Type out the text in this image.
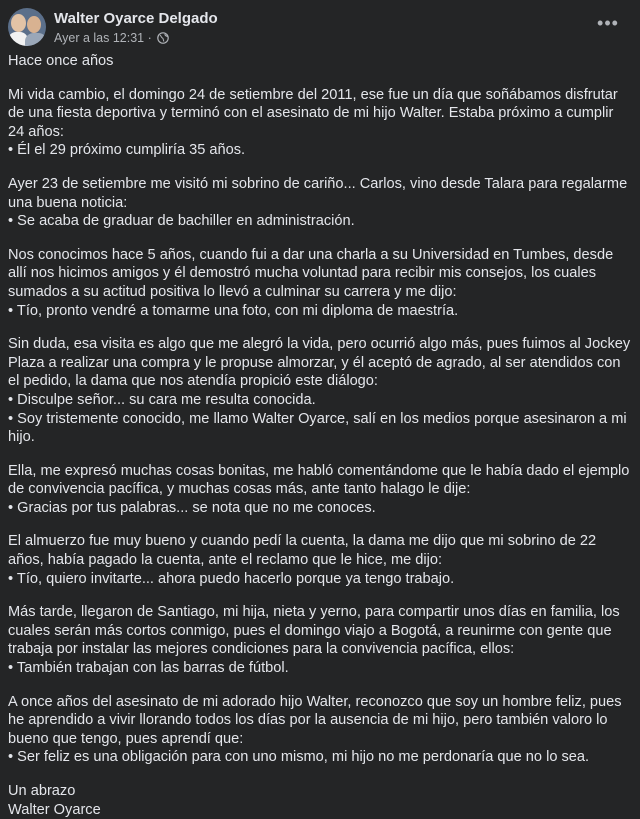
Walter Oyarce Delgado
Ayer a las 12:31 ·
•••

Hace once años

Mi vida cambio, el domingo 24 de setiembre del 2011, ese fue un día que soñábamos disfrutar de una fiesta deportiva y terminó con el asesinato de mi hijo Walter. Estaba próximo a cumplir 24 años:
• Él el 29 próximo cumpliría 35 años.

Ayer 23 de setiembre me visitó mi sobrino de cariño... Carlos, vino desde Talara para regalarme una buena noticia:
• Se acaba de graduar de bachiller en administración.

Nos conocimos hace 5 años, cuando fui a dar una charla a su Universidad en Tumbes, desde allí nos hicimos amigos y él demostró mucha voluntad para recibir mis consejos, los cuales sumados a su actitud positiva lo llevó a culminar su carrera y me dijo:
• Tío, pronto vendré a tomarme una foto, con mi diploma de maestría.

Sin duda, esa visita es algo que me alegró la vida, pero ocurrió algo más, pues fuimos al Jockey Plaza a realizar una compra y le propuse almorzar, y él aceptó de agrado, al ser atendidos con el pedido, la dama que nos atendía propició este diálogo:
• Disculpe señor... su cara me resulta conocida.
• Soy tristemente conocido, me llamo Walter Oyarce, salí en los medios porque asesinaron a mi hijo.

Ella, me expresó muchas cosas bonitas, me habló comentándome que le había dado el ejemplo de convivencia pacífica, y muchas cosas más, ante tanto halago le dije:
• Gracias por tus palabras... se nota que no me conoces.

El almuerzo fue muy bueno y cuando pedí la cuenta, la dama me dijo que mi sobrino de 22 años, había pagado la cuenta, ante el reclamo que le hice, me dijo:
• Tío, quiero invitarte... ahora puedo hacerlo porque ya tengo trabajo.

Más tarde, llegaron de Santiago, mi hija, nieta y yerno, para compartir unos días en familia, los cuales serán más cortos conmigo, pues el domingo viajo a Bogotá, a reunirme con gente que trabaja por instalar las mejores condiciones para la convivencia pacífica, ellos:
• También trabajan con las barras de fútbol.

A once años del asesinato de mi adorado hijo Walter, reconozco que soy un hombre feliz, pues he aprendido a vivir llorando todos los días por la ausencia de mi hijo, pero también valoro lo bueno que tengo, pues aprendí que:
• Ser feliz es una obligación para con uno mismo, mi hijo no me perdonaría que no lo sea.

Un abrazo
Walter Oyarce
